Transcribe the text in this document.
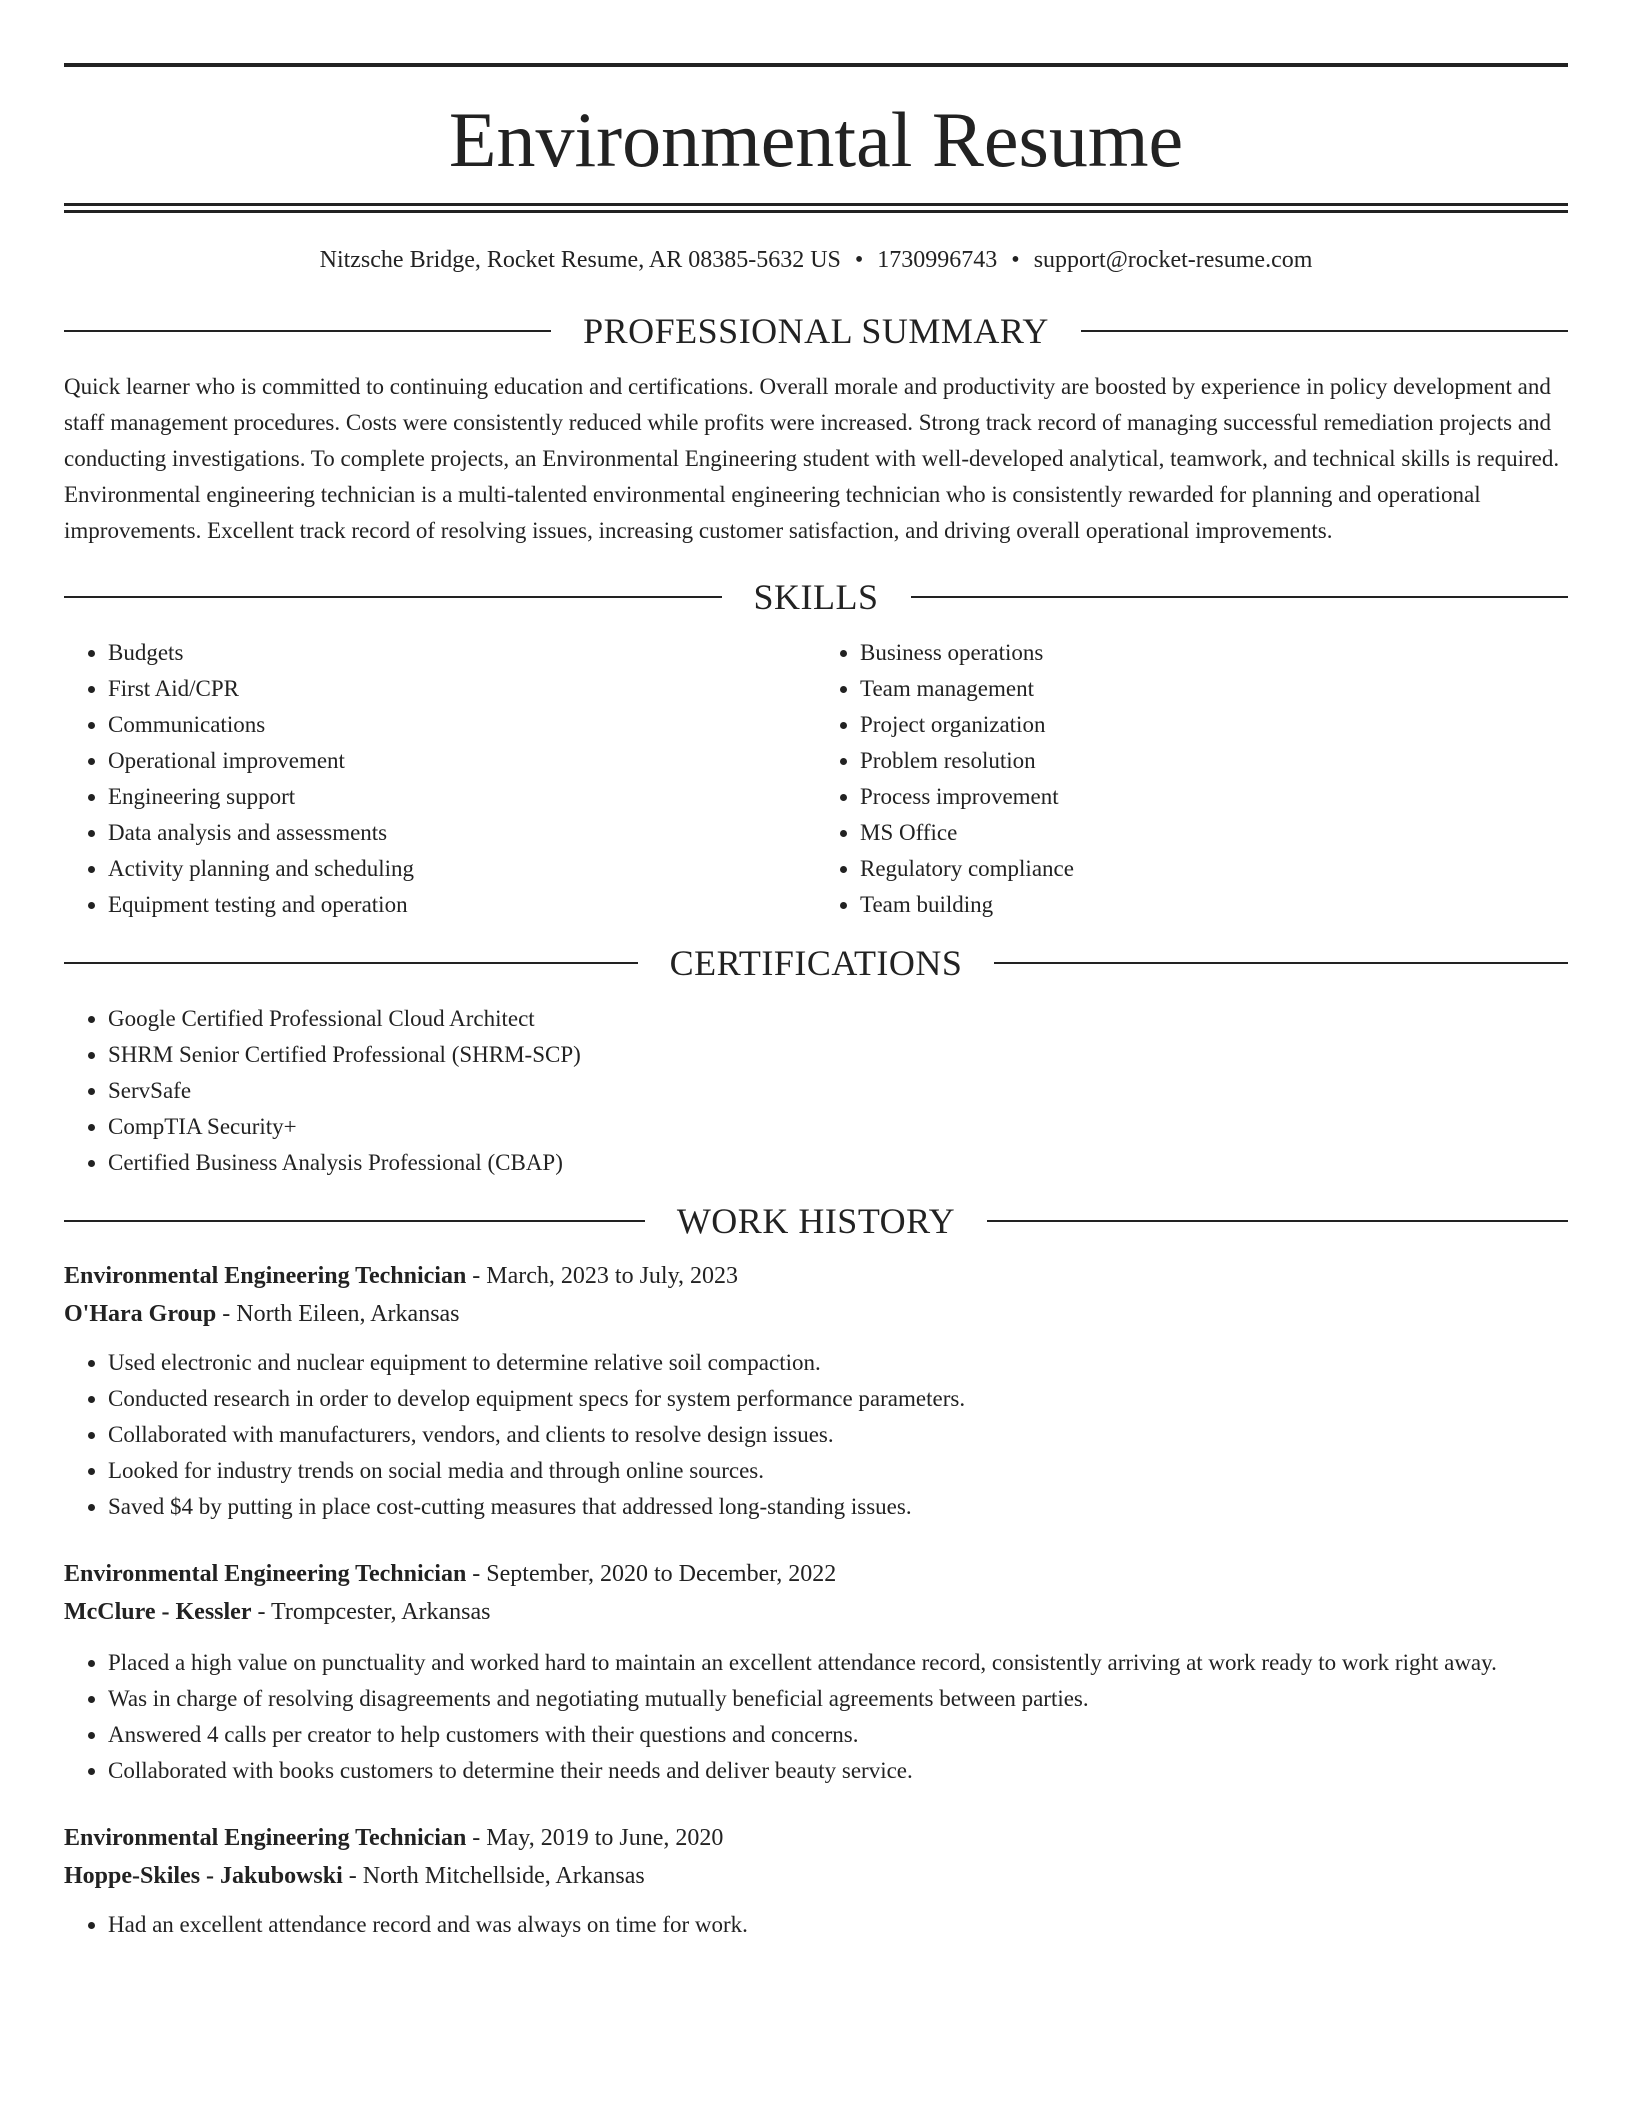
Environmental Resume
Nitzsche Bridge, Rocket Resume, AR 08385-5632 US • 1730996743 • support@rocket-resume.com
PROFESSIONAL SUMMARY

Quick learner who is committed to continuing education and certifications. Overall morale and productivity are boosted by experience in policy development and staff management procedures. Costs were consistently reduced while profits were increased. Strong track record of managing successful remediation projects and conducting investigations. To complete projects, an Environmental Engineering student with well-developed analytical, teamwork, and technical skills is required. Environmental engineering technician is a multi-talented environmental engineering technician who is consistently rewarded for planning and operational improvements. Excellent track record of resolving issues, increasing customer satisfaction, and driving overall operational improvements.

SKILLS
• Budgets
• First Aid/CPR
• Communications
• Operational improvement
• Engineering support
• Data analysis and assessments
• Activity planning and scheduling
• Equipment testing and operation
• Business operations
• Team management
• Project organization
• Problem resolution
• Process improvement
• MS Office
• Regulatory compliance
• Team building
CERTIFICATIONS
• Google Certified Professional Cloud Architect
• SHRM Senior Certified Professional (SHRM-SCP)
• ServSafe
• CompTIA Security+
• Certified Business Analysis Professional (CBAP)
WORK HISTORY
Environmental Engineering Technician - March, 2023 to July, 2023
O'Hara Group - North Eileen, Arkansas
• Used electronic and nuclear equipment to determine relative soil compaction.
• Conducted research in order to develop equipment specs for system performance parameters.
• Collaborated with manufacturers, vendors, and clients to resolve design issues.
• Looked for industry trends on social media and through online sources.
• Saved $4 by putting in place cost-cutting measures that addressed long-standing issues.
Environmental Engineering Technician - September, 2020 to December, 2022
McClure - Kessler - Trompcester, Arkansas
• Placed a high value on punctuality and worked hard to maintain an excellent attendance record, consistently arriving at work ready to work right away.
• Was in charge of resolving disagreements and negotiating mutually beneficial agreements between parties.
• Answered 4 calls per creator to help customers with their questions and concerns.
• Collaborated with books customers to determine their needs and deliver beauty service.
Environmental Engineering Technician - May, 2019 to June, 2020
Hoppe-Skiles - Jakubowski - North Mitchellside, Arkansas
• Had an excellent attendance record and was always on time for work.
